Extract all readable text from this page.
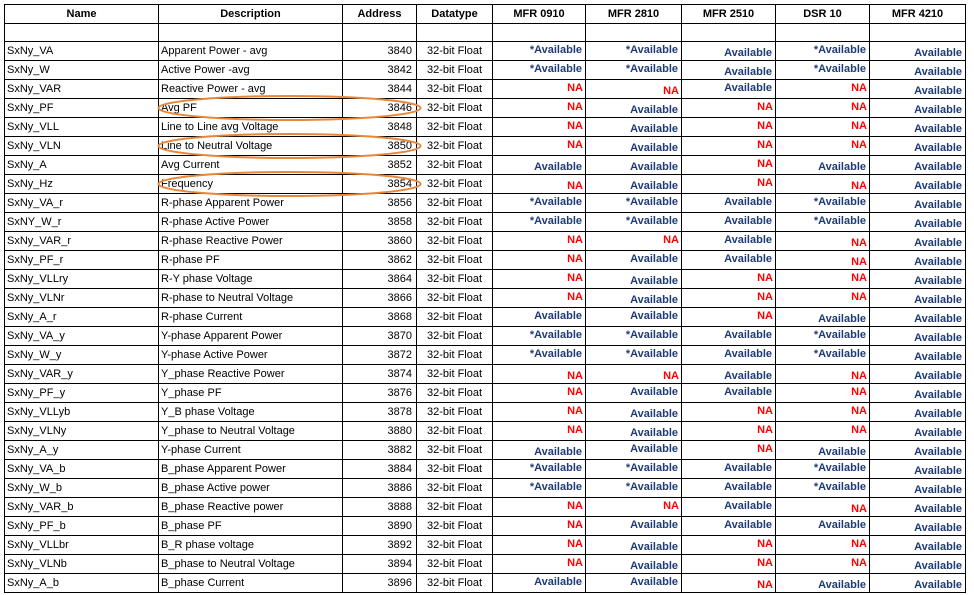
Name	Description	Address	Datatype	MFR 0910	MFR 2810	MFR 2510	DSR 10	MFR 4210

SxNy_VA	Apparent Power - avg	3840	32-bit Float	*Available	*Available	Available	*Available	Available

SxNy_W	Active Power -avg	3842	32-bit Float	*Available	*Available	Available	*Available	Available

SxNy_VAR	Reactive Power - avg	3844	32-bit Float	NA	NA	Available	NA	Available

SxNy_PF	Avg PF	3846	32-bit Float	NA	Available	NA	NA	Available

SxNy_VLL	Line to Line avg Voltage	3848	32-bit Float	NA	Available	NA	NA	Available

SxNy_VLN	Line to Neutral Voltage	3850	32-bit Float	NA	Available	NA	NA	Available

SxNy_A	Avg Current	3852	32-bit Float	Available	Available	NA	Available	Available

SxNy_Hz	Frequency	3854	32-bit Float	NA	Available	NA	NA	Available

SxNy_VA_r	R-phase Apparent Power	3856	32-bit Float	*Available	*Available	Available	*Available	Available

SxNY_W_r	R-phase Active Power	3858	32-bit Float	*Available	*Available	Available	*Available	Available

SxNy_VAR_r	R-phase Reactive Power	3860	32-bit Float	NA	NA	Available	NA	Available

SxNy_PF_r	R-phase PF	3862	32-bit Float	NA	Available	Available	NA	Available

SxNy_VLLry	R-Y phase Voltage	3864	32-bit Float	NA	Available	NA	NA	Available

SxNy_VLNr	R-phase to Neutral Voltage	3866	32-bit Float	NA	Available	NA	NA	Available

SxNy_A_r	R-phase Current	3868	32-bit Float	Available	Available	NA	Available	Available

SxNy_VA_y	Y-phase Apparent Power	3870	32-bit Float	*Available	*Available	Available	*Available	Available

SxNy_W_y	Y-phase Active Power	3872	32-bit Float	*Available	*Available	Available	*Available	Available

SxNy_VAR_y	Y_phase Reactive Power	3874	32-bit Float	NA	NA	Available	NA	Available

SxNy_PF_y	Y_phase PF	3876	32-bit Float	NA	Available	Available	NA	Available

SxNy_VLLyb	Y_B phase Voltage	3878	32-bit Float	NA	Available	NA	NA	Available

SxNy_VLNy	Y_phase to Neutral Voltage	3880	32-bit Float	NA	Available	NA	NA	Available

SxNy_A_y	Y-phase Current	3882	32-bit Float	Available	Available	NA	Available	Available

SxNy_VA_b	B_phase Apparent Power	3884	32-bit Float	*Available	*Available	Available	*Available	Available

SxNy_W_b	B_phase Active power	3886	32-bit Float	*Available	*Available	Available	*Available	Available

SxNy_VAR_b	B_phase Reactive power	3888	32-bit Float	NA	NA	Available	NA	Available

SxNy_PF_b	B_phase PF	3890	32-bit Float	NA	Available	Available	Available	Available

SxNy_VLLbr	B_R phase voltage	3892	32-bit Float	NA	Available	NA	NA	Available

SxNy_VLNb	B_phase to Neutral Voltage	3894	32-bit Float	NA	Available	NA	NA	Available

SxNy_A_b	B_phase Current	3896	32-bit Float	Available	Available	NA	Available	Available
